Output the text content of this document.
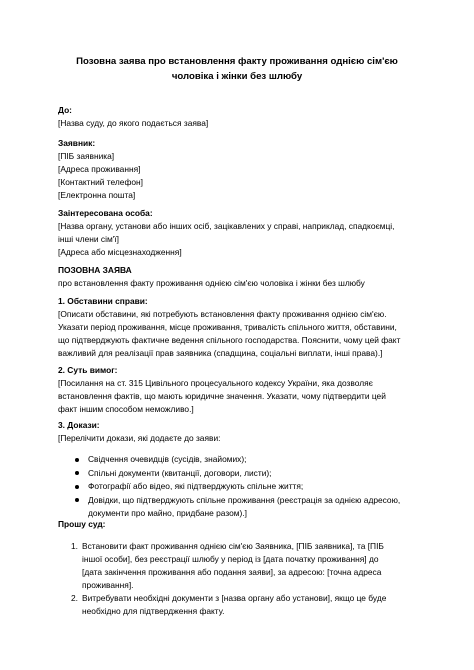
Позовна заява про встановлення факту проживання однією сім'єю
чоловіка і жінки без шлюбу
До:
[Назва суду, до якого подається заява]
Заявник:
[ПІБ заявника]
[Адреса проживання]
[Контактний телефон]
[Електронна пошта]
Заінтересована особа:
[Назва органу, установи або інших осіб, зацікавлених у справі, наприклад, спадкоємці,
інші члени сім'ї]
[Адреса або місцезнаходження]
ПОЗОВНА ЗАЯВА
про встановлення факту проживання однією сім'єю чоловіка і жінки без шлюбу
1. Обставини справи:
[Описати обставини, які потребують встановлення факту проживання однією сім'єю.
Указати період проживання, місце проживання, тривалість спільного життя, обставини,
що підтверджують фактичне ведення спільного господарства. Пояснити, чому цей факт
важливий для реалізації прав заявника (спадщина, соціальні виплати, інші права).]
2. Суть вимог:
[Посилання на ст. 315 Цивільного процесуального кодексу України, яка дозволяє
встановлення фактів, що мають юридичне значення. Указати, чому підтвердити цей
факт іншим способом неможливо.]
3. Докази:
[Перелічити докази, які додаєте до заяви:
Свідчення очевидців (сусідів, знайомих);
Спільні документи (квитанції, договори, листи);
Фотографії або відео, які підтверджують спільне життя;
Довідки, що підтверджують спільне проживання (реєстрація за однією адресою,
документи про майно, придбане разом).]
Прошу суд:
1. Встановити факт проживання однією сім'єю Заявника, [ПІБ заявника], та [ПІБ
іншої особи], без реєстрації шлюбу у період із [дата початку проживання] до
[дата закінчення проживання або подання заяви], за адресою: [точна адреса
проживання].
2. Витребувати необхідні документи з [назва органу або установи], якщо це буде
необхідно для підтвердження факту.
